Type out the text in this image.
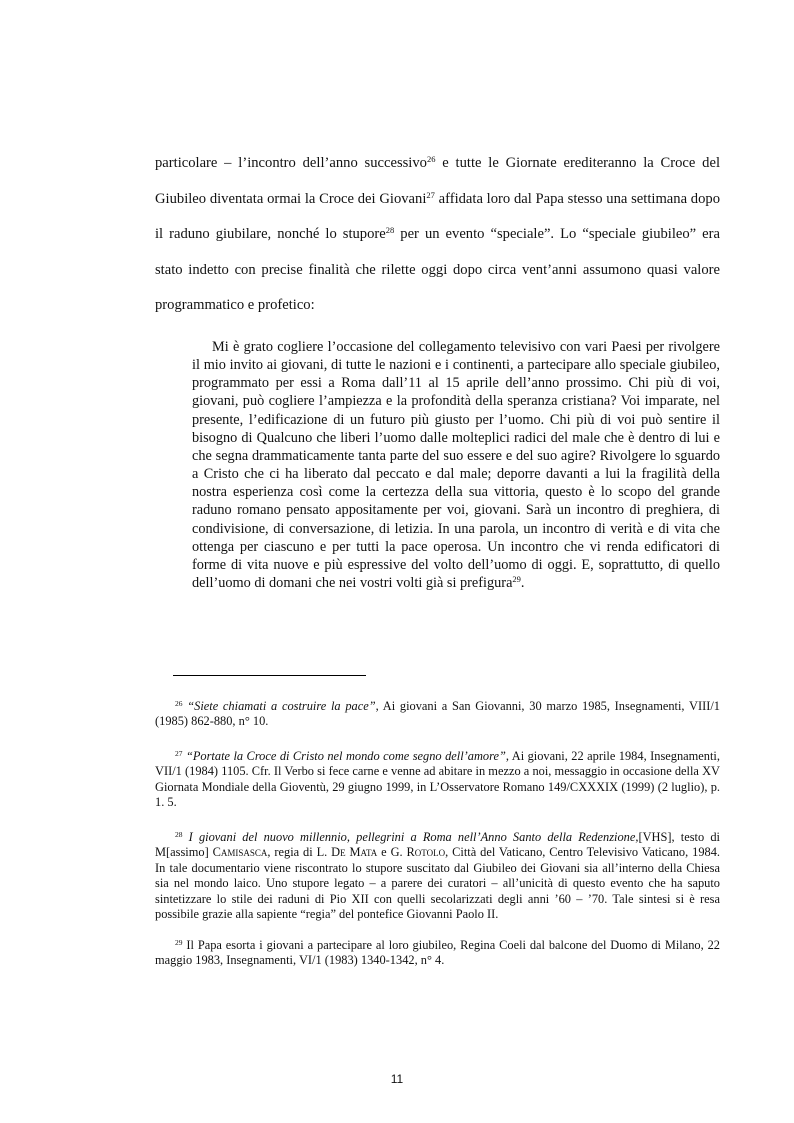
particolare – l’incontro dell’anno successivo$^{26}$ e tutte le Giornate erediteranno la Croce del Giubileo diventata ormai la Croce dei Giovani$^{27}$ affidata loro dal Papa stesso una settimana dopo il raduno giubilare, nonché lo stupore$^{28}$ per un evento “speciale”. Lo “speciale giubileo” era stato indetto con precise finalità che rilette oggi dopo circa vent’anni assumono quasi valore programmatico e profetico:

Mi è grato cogliere l’occasione del collegamento televisivo con vari Paesi per rivolgere il mio invito ai giovani, di tutte le nazioni e i continenti, a partecipare allo speciale giubileo, programmato per essi a Roma dall’11 al 15 aprile dell’anno prossimo. Chi più di voi, giovani, può cogliere l’ampiezza e la profondità della speranza cristiana? Voi imparate, nel presente, l’edificazione di un futuro più giusto per l’uomo. Chi più di voi può sentire il bisogno di Qualcuno che liberi l’uomo dalle molteplici radici del male che è dentro di lui e che segna drammaticamente tanta parte del suo essere e del suo agire? Rivolgere lo sguardo a Cristo che ci ha liberato dal peccato e dal male; deporre davanti a lui la fragilità della nostra esperienza così come la certezza della sua vittoria, questo è lo scopo del grande raduno romano pensato appositamente per voi, giovani. Sarà un incontro di preghiera, di condivisione, di conversazione, di letizia. In una parola, un incontro di verità e di vita che ottenga per ciascuno e per tutti la pace operosa. Un incontro che vi renda edificatori di forme di vita nuove e più espressive del volto dell’uomo di oggi. E, soprattutto, di quello dell’uomo di domani che nei vostri volti già si prefigura$^{29}$.

$^{26}$ “Siete chiamati a costruire la pace”, Ai giovani a San Giovanni, 30 marzo 1985, Insegnamenti, VIII/1 (1985) 862-880, n° 10.

$^{27}$ “Portate la Croce di Cristo nel mondo come segno dell’amore”, Ai giovani, 22 aprile 1984, Insegnamenti, VII/1 (1984) 1105. Cfr. Il Verbo si fece carne e venne ad abitare in mezzo a noi, messaggio in occasione della XV Giornata Mondiale della Gioventù, 29 giugno 1999, in L’Osservatore Romano 149/CXXXIX (1999) (2 luglio), p. 1. 5.

$^{28}$ I giovani del nuovo millennio, pellegrini a Roma nell’Anno Santo della Redenzione,[VHS], testo di M[assimo] Camisasca, regia di L. De Mata e G. Rotolo, Città del Vaticano, Centro Televisivo Vaticano, 1984. In tale documentario viene riscontrato lo stupore suscitato dal Giubileo dei Giovani sia all’interno della Chiesa sia nel mondo laico. Uno stupore legato – a parere dei curatori – all’unicità di questo evento che ha saputo sintetizzare lo stile dei raduni di Pio XII con quelli secolarizzati degli anni ’60 – ’70. Tale sintesi si è resa possibile grazie alla sapiente “regia” del pontefice Giovanni Paolo II.

$^{29}$ Il Papa esorta i giovani a partecipare al loro giubileo, Regina Coeli dal balcone del Duomo di Milano, 22 maggio 1983, Insegnamenti, VI/1 (1983) 1340-1342, n° 4.

11
